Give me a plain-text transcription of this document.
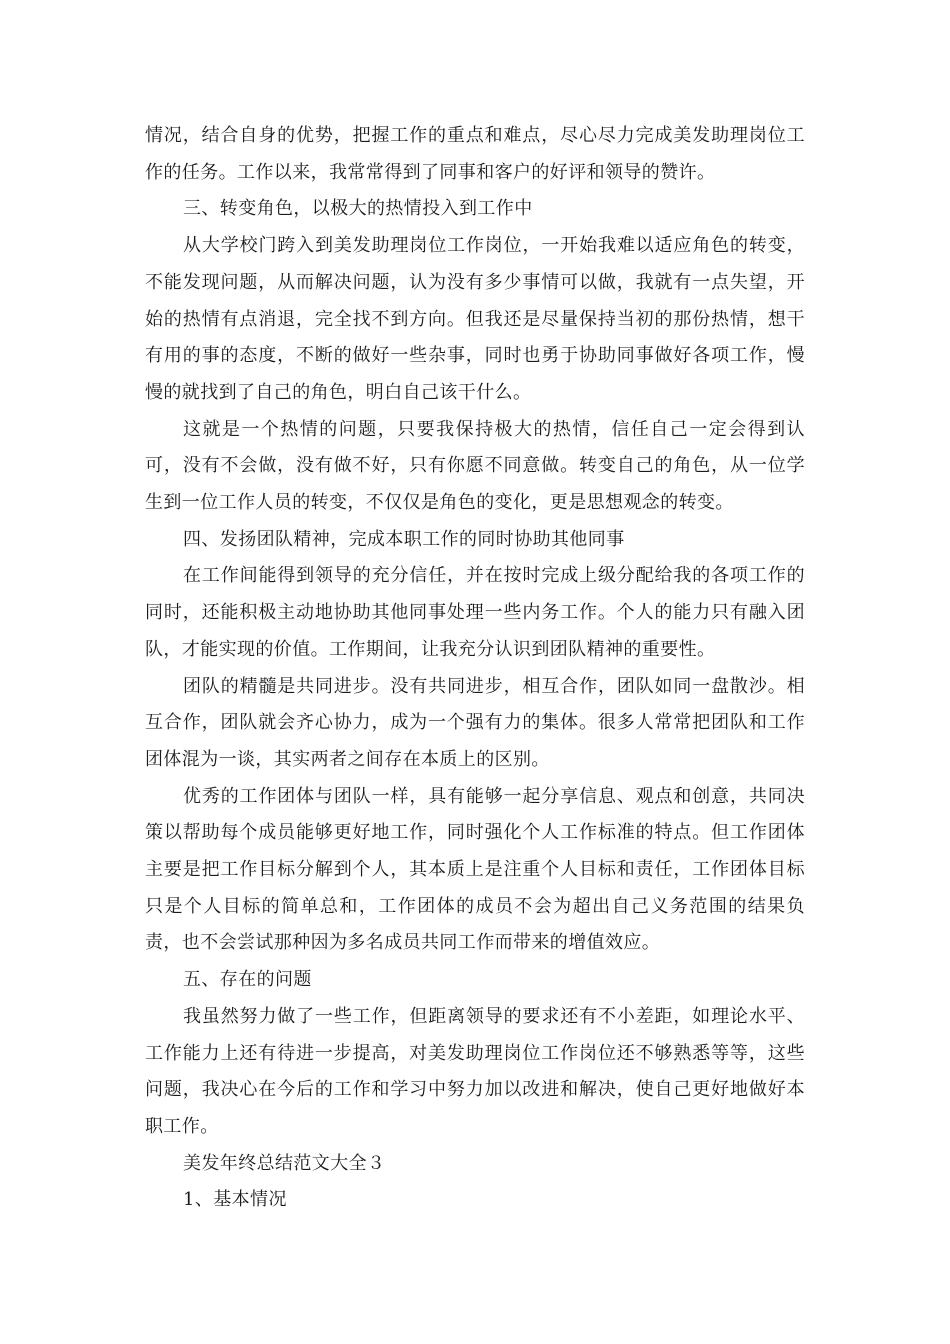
情况，结合自身的优势，把握工作的重点和难点，尽心尽力完成美发助理岗位工作的任务。工作以来，我常常得到了同事和客户的好评和领导的赞许。

三、转变角色，以极大的热情投入到工作中

从大学校门跨入到美发助理岗位工作岗位，一开始我难以适应角色的转变，不能发现问题，从而解决问题，认为没有多少事情可以做，我就有一点失望，开始的热情有点消退，完全找不到方向。但我还是尽量保持当初的那份热情，想干有用的事的态度，不断的做好一些杂事，同时也勇于协助同事做好各项工作，慢慢的就找到了自己的角色，明白自己该干什么。

这就是一个热情的问题，只要我保持极大的热情，信任自己一定会得到认可，没有不会做，没有做不好，只有你愿不同意做。转变自己的角色，从一位学生到一位工作人员的转变，不仅仅是角色的变化，更是思想观念的转变。

四、发扬团队精神，完成本职工作的同时协助其他同事

在工作间能得到领导的充分信任，并在按时完成上级分配给我的各项工作的同时，还能积极主动地协助其他同事处理一些内务工作。个人的能力只有融入团队，才能实现的价值。工作期间，让我充分认识到团队精神的重要性。

团队的精髓是共同进步。没有共同进步，相互合作，团队如同一盘散沙。相互合作，团队就会齐心协力，成为一个强有力的集体。很多人常常把团队和工作团体混为一谈，其实两者之间存在本质上的区别。

优秀的工作团体与团队一样，具有能够一起分享信息、观点和创意，共同决策以帮助每个成员能够更好地工作，同时强化个人工作标准的特点。但工作团体主要是把工作目标分解到个人，其本质上是注重个人目标和责任，工作团体目标只是个人目标的简单总和，工作团体的成员不会为超出自己义务范围的结果负责，也不会尝试那种因为多名成员共同工作而带来的增值效应。

五、存在的问题

我虽然努力做了一些工作，但距离领导的要求还有不小差距，如理论水平、工作能力上还有待进一步提高，对美发助理岗位工作岗位还不够熟悉等等，这些问题，我决心在今后的工作和学习中努力加以改进和解决，使自己更好地做好本职工作。

美发年终总结范文大全３

1、基本情况
